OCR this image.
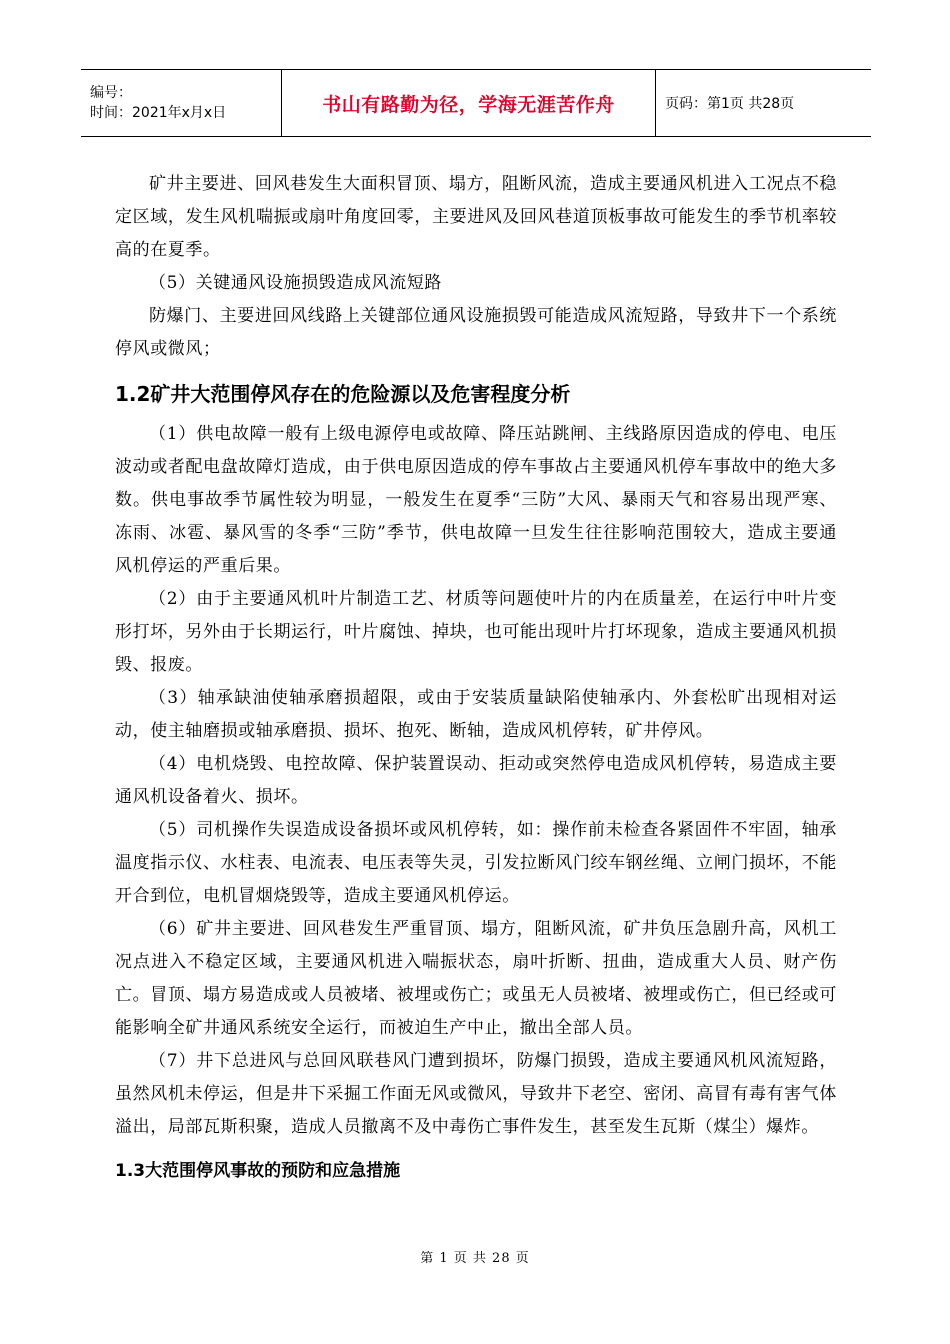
编号：
时间：2021年x月x日	书山有路勤为径，学海无涯苦作舟	页码：第1页 共28页

矿井主要进、回风巷发生大面积冒顶、塌方，阻断风流，造成主要通风机进入工况点不稳定区域，发生风机喘振或扇叶角度回零，主要进风及回风巷道顶板事故可能发生的季节机率较高的在夏季。

（5）关键通风设施损毁造成风流短路

防爆门、主要进回风线路上关键部位通风设施损毁可能造成风流短路，导致井下一个系统停风或微风；

1.2矿井大范围停风存在的危险源以及危害程度分析

（1）供电故障一般有上级电源停电或故障、降压站跳闸、主线路原因造成的停电、电压波动或者配电盘故障灯造成，由于供电原因造成的停车事故占主要通风机停车事故中的绝大多数。供电事故季节属性较为明显，一般发生在夏季“三防”大风、暴雨天气和容易出现严寒、冻雨、冰雹、暴风雪的冬季“三防”季节，供电故障一旦发生往往影响范围较大，造成主要通风机停运的严重后果。

（2）由于主要通风机叶片制造工艺、材质等问题使叶片的内在质量差，在运行中叶片变形打坏，另外由于长期运行，叶片腐蚀、掉块，也可能出现叶片打坏现象，造成主要通风机损毁、报废。

（3）轴承缺油使轴承磨损超限，或由于安装质量缺陷使轴承内、外套松旷出现相对运动，使主轴磨损或轴承磨损、损坏、抱死、断轴，造成风机停转，矿井停风。

（4）电机烧毁、电控故障、保护装置误动、拒动或突然停电造成风机停转，易造成主要通风机设备着火、损坏。

（5）司机操作失误造成设备损坏或风机停转，如：操作前未检查各紧固件不牢固，轴承温度指示仪、水柱表、电流表、电压表等失灵，引发拉断风门绞车钢丝绳、立闸门损坏，不能开合到位，电机冒烟烧毁等，造成主要通风机停运。

（6）矿井主要进、回风巷发生严重冒顶、塌方，阻断风流，矿井负压急剧升高，风机工况点进入不稳定区域，主要通风机进入喘振状态，扇叶折断、扭曲，造成重大人员、财产伤亡。冒顶、塌方易造成或人员被堵、被埋或伤亡；或虽无人员被堵、被埋或伤亡，但已经或可能影响全矿井通风系统安全运行，而被迫生产中止，撤出全部人员。

（7）井下总进风与总回风联巷风门遭到损坏，防爆门损毁，造成主要通风机风流短路，虽然风机未停运，但是井下采掘工作面无风或微风，导致井下老空、密闭、高冒有毒有害气体溢出，局部瓦斯积聚，造成人员撤离不及中毒伤亡事件发生，甚至发生瓦斯（煤尘）爆炸。

1.3大范围停风事故的预防和应急措施
第 1 页 共 28 页
